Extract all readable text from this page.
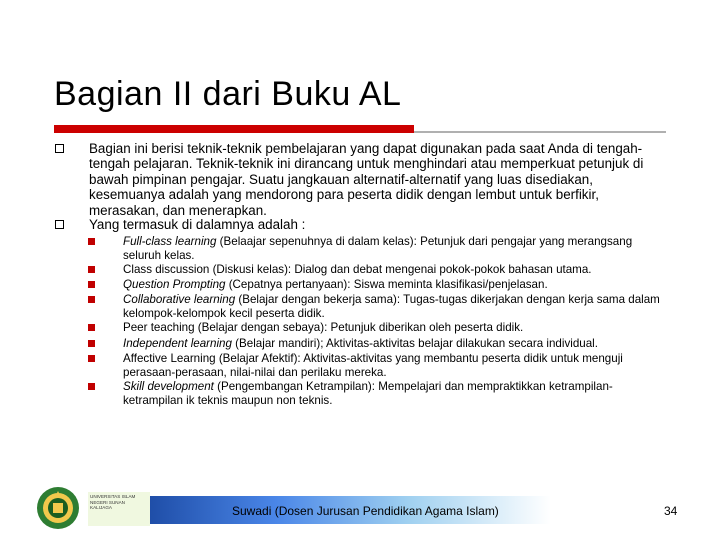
Bagian II dari Buku AL
Bagian ini berisi teknik-teknik pembelajaran yang dapat digunakan pada saat Anda di tengah-tengah pelajaran. Teknik-teknik ini dirancang untuk menghindari atau memperkuat petunjuk di bawah pimpinan pengajar. Suatu jangkauan alternatif-alternatif yang luas disediakan, kesemuanya adalah yang mendorong para peserta didik dengan lembut untuk berfikir, merasakan, dan menerapkan.
Yang termasuk di dalamnya adalah :
Full-class learning (Belaajar sepenuhnya di dalam kelas): Petunjuk dari pengajar yang merangsang seluruh kelas.
Class discussion (Diskusi kelas): Dialog dan debat mengenai pokok-pokok bahasan utama.
Question Prompting (Cepatnya pertanyaan): Siswa meminta klasifikasi/penjelasan.
Collaborative learning (Belajar dengan bekerja sama): Tugas-tugas dikerjakan dengan kerja sama dalam kelompok-kelompok kecil peserta didik.
Peer teaching (Belajar dengan sebaya): Petunjuk diberikan oleh peserta didik.
Independent learning (Belajar mandiri); Aktivitas-aktivitas belajar dilakukan secara individual.
Affective Learning (Belajar Afektif): Aktivitas-aktivitas yang membantu peserta didik untuk menguji perasaan-perasaan, nilai-nilai dan perilaku mereka.
Skill development (Pengembangan Ketrampilan): Mempelajari dan mempraktikkan ketrampilan-ketrampilan ik teknis maupun non teknis.
UNIVERSITAS ISLAM NEGERI SUNAN KALIJAGA	Suwadi (Dosen Jurusan Pendidikan Agama Islam)	34
